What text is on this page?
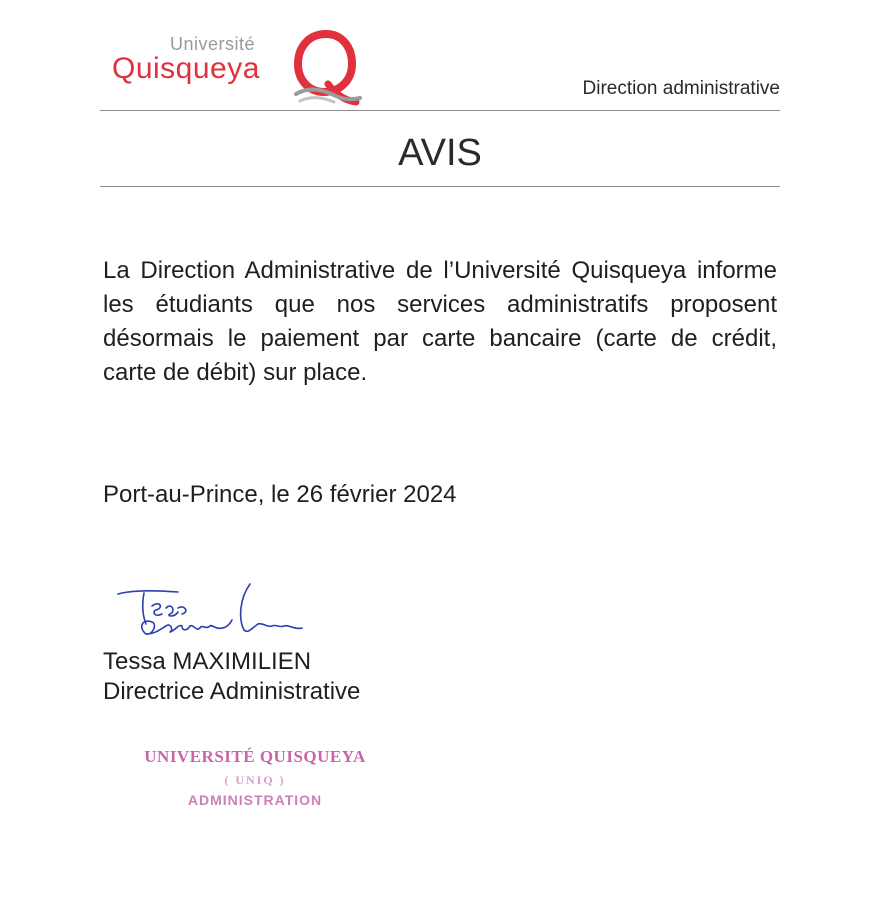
Université
Quisqueya
Direction administrative
AVIS
La Direction Administrative de l’Université Quisqueya informe les étudiants que nos services administratifs proposent désormais le paiement par carte bancaire (carte de crédit, carte de débit) sur place.
Port-au-Prince, le 26 février 2024
Tessa MAXIMILIEN
Directrice Administrative
UNIVERSITÉ QUISQUEYA
( UNIQ )
ADMINISTRATION
